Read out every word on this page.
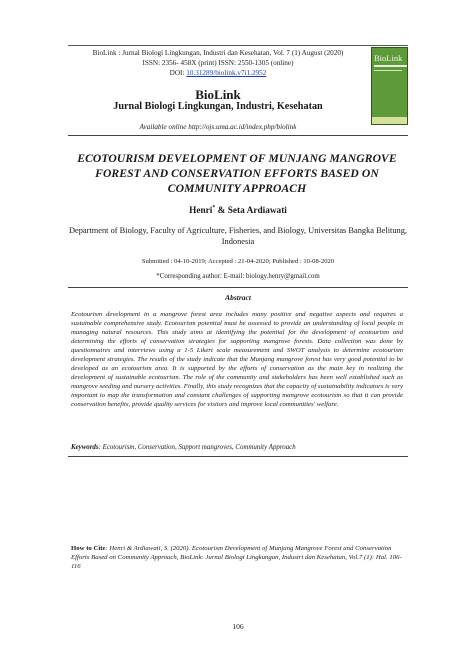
BioLink : Jurnal Biologi Lingkungan, Industri dan Kesehatan, Vol. 7 (1) August (2020)
ISSN: 2356- 458X (print) ISSN: 2550-1305 (online)
DOI: 10.31289/biolink.v7i1.2952
BioLink
Jurnal Biologi Lingkungan, Industri, Kesehatan
Available online http://ojs.uma.ac.id/index.php/biolink
BioLink
ECOTOURISM DEVELOPMENT OF MUNJANG MANGROVE FOREST AND CONSERVATION EFFORTS BASED ON COMMUNITY APPROACH
Henri* & Seta Ardiawati
Department of Biology, Faculty of Agriculture, Fisheries, and Biology, Universitas Bangka Belitung, Indonesia
Submitted : 04-10-2019; Accepted : 21-04-2020; Published : 10-08-2020
*Corresponding author: E-mail: biology.henry@gmail.com
Abstract
Ecotourism development in a mangrove forest area includes many positive and negative aspects and requires a sustainable comprehensive study. Ecotourism potential must be assessed to provide an understanding of local people in managing natural resources. This study aims at identifying the potential for the development of ecotourism and determining the efforts of conservation strategies for supporting mangrove forests. Data collection was done by questionnaires and interviews using a 1-5 Likert scale measurement and SWOT analysis to determine ecotourism development strategies. The results of the study indicate that the Munjang mangrove forest has very good potential to be developed as an ecotourism area. It is supported by the efforts of conservation as the main key in realizing the development of sustainable ecotourism. The role of the community and stakeholders has been well established such as mangrove seeding and nursery activities. Finally, this study recognizes that the capacity of sustainability indicators is very important to map the transformation and constant challenges of supporting mangrove ecotourism so that it can provide conservation benefits, provide quality services for visitors and improve local communities' welfare.
Keywords: Ecotourism, Conservation, Support mangroves, Community Approach
How to Cite: Henri & Ardiawati, S. (2020). Ecotourism Development of Munjang Mangrove Forest and Conservation Efforts Based on Community Approach, BioLink: Jurnal Biologi Lingkungan, Industri dan Kesehatan, Vol.7 (1): Hal. 106-116
106
